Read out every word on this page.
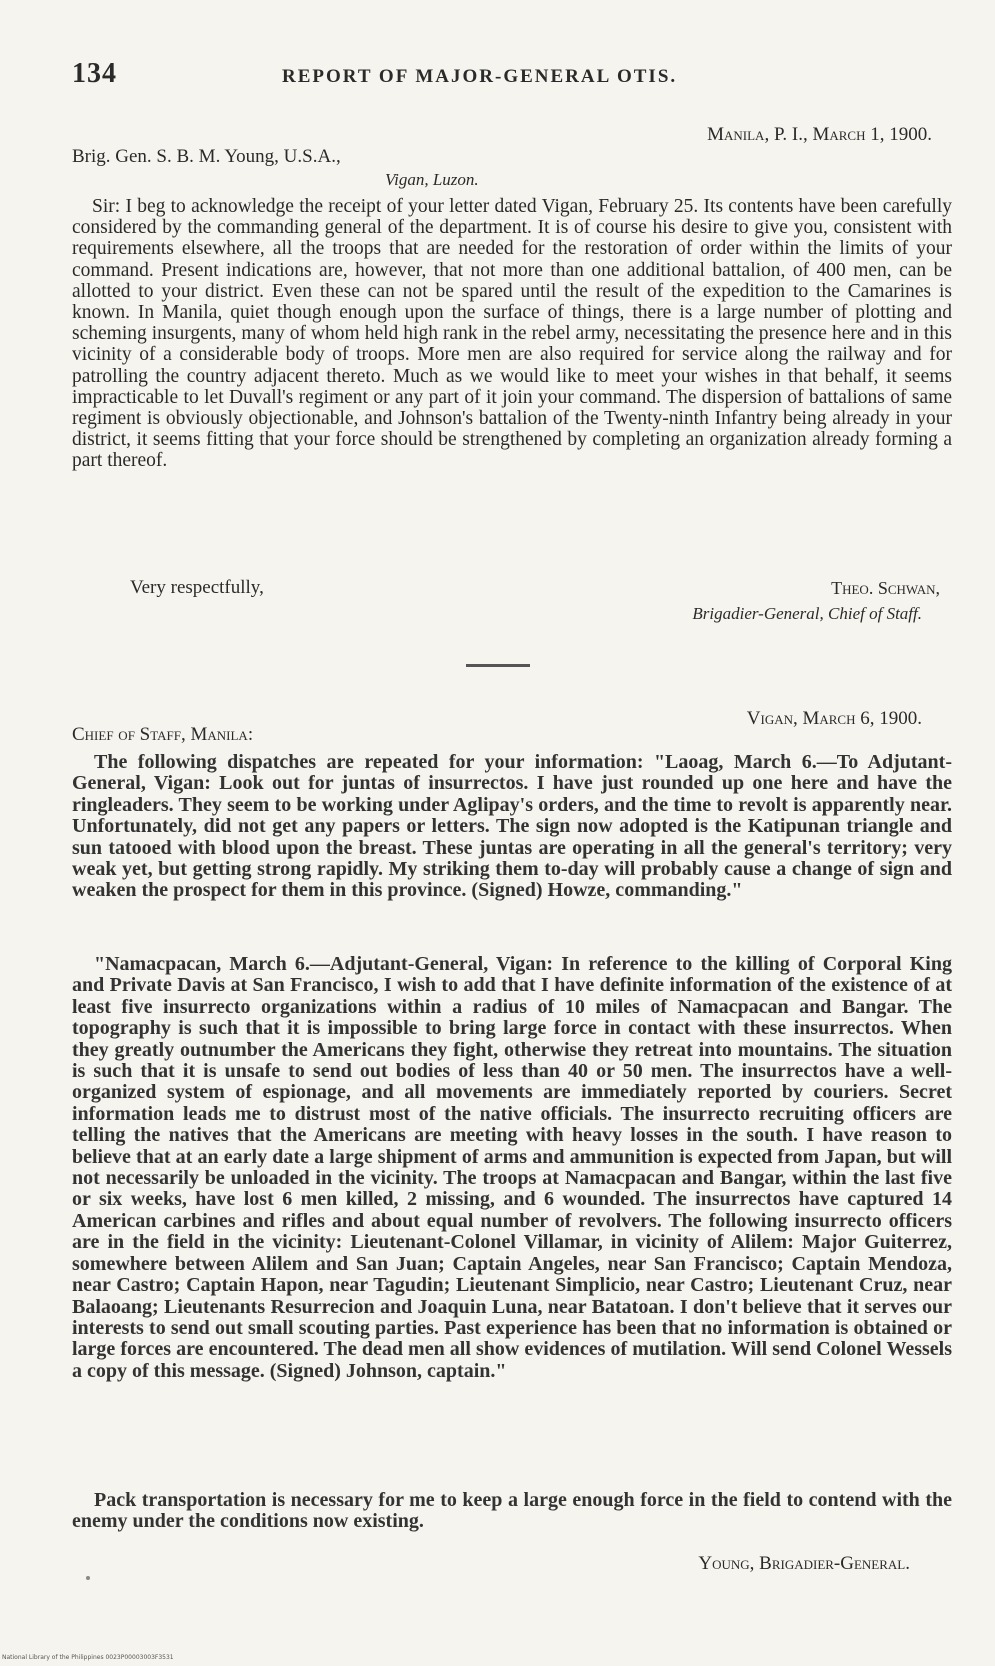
134	REPORT OF MAJOR-GENERAL OTIS.
Manila, P. I., March 1, 1900.
Brig. Gen. S. B. M. Young, U.S.A.,
Vigan, Luzon.
Sir: I beg to acknowledge the receipt of your letter dated Vigan, February 25. Its contents have been carefully considered by the commanding general of the department. It is of course his desire to give you, consistent with requirements elsewhere, all the troops that are needed for the restoration of order within the limits of your command. Present indications are, however, that not more than one additional battalion, of 400 men, can be allotted to your district. Even these can not be spared until the result of the expedition to the Camarines is known. In Manila, quiet though enough upon the surface of things, there is a large number of plotting and scheming insurgents, many of whom held high rank in the rebel army, necessitating the presence here and in this vicinity of a considerable body of troops. More men are also required for service along the railway and for patrolling the country adjacent thereto. Much as we would like to meet your wishes in that behalf, it seems impracticable to let Duvall's regiment or any part of it join your command. The dispersion of battalions of same regiment is obviously objectionable, and Johnson's battalion of the Twenty-ninth Infantry being already in your district, it seems fitting that your force should be strengthened by completing an organization already forming a part thereof.
Very respectfully,	Theo. Schwan,
Brigadier-General, Chief of Staff.
Vigan, March 6, 1900.
Chief of Staff, Manila:
The following dispatches are repeated for your information: "Laoag, March 6.—To Adjutant-General, Vigan: Look out for juntas of insurrectos. I have just rounded up one here and have the ringleaders. They seem to be working under Aglipay's orders, and the time to revolt is apparently near. Unfortunately, did not get any papers or letters. The sign now adopted is the Katipunan triangle and sun tatooed with blood upon the breast. These juntas are operating in all the general's territory; very weak yet, but getting strong rapidly. My striking them to-day will probably cause a change of sign and weaken the prospect for them in this province. (Signed) Howze, commanding."
"Namacpacan, March 6.—Adjutant-General, Vigan: In reference to the killing of Corporal King and Private Davis at San Francisco, I wish to add that I have definite information of the existence of at least five insurrecto organizations within a radius of 10 miles of Namacpacan and Bangar. The topography is such that it is impossible to bring large force in contact with these insurrectos. When they greatly outnumber the Americans they fight, otherwise they retreat into mountains. The situation is such that it is unsafe to send out bodies of less than 40 or 50 men. The insurrectos have a well-organized system of espionage, and all movements are immediately reported by couriers. Secret information leads me to distrust most of the native officials. The insurrecto recruiting officers are telling the natives that the Americans are meeting with heavy losses in the south. I have reason to believe that at an early date a large shipment of arms and ammunition is expected from Japan, but will not necessarily be unloaded in the vicinity. The troops at Namacpacan and Bangar, within the last five or six weeks, have lost 6 men killed, 2 missing, and 6 wounded. The insurrectos have captured 14 American carbines and rifles and about equal number of revolvers. The following insurrecto officers are in the field in the vicinity: Lieutenant-Colonel Villamar, in vicinity of Alilem: Major Guiterrez, somewhere between Alilem and San Juan; Captain Angeles, near San Francisco; Captain Mendoza, near Castro; Captain Hapon, near Tagudin; Lieutenant Simplicio, near Castro; Lieutenant Cruz, near Balaoang; Lieutenants Resurrecion and Joaquin Luna, near Batatoan. I don't believe that it serves our interests to send out small scouting parties. Past experience has been that no information is obtained or large forces are encountered. The dead men all show evidences of mutilation. Will send Colonel Wessels a copy of this message. (Signed) Johnson, captain."
Pack transportation is necessary for me to keep a large enough force in the field to contend with the enemy under the conditions now existing.
Young, Brigadier-General.
National Library of the Philippines 0023P00003003F3531
